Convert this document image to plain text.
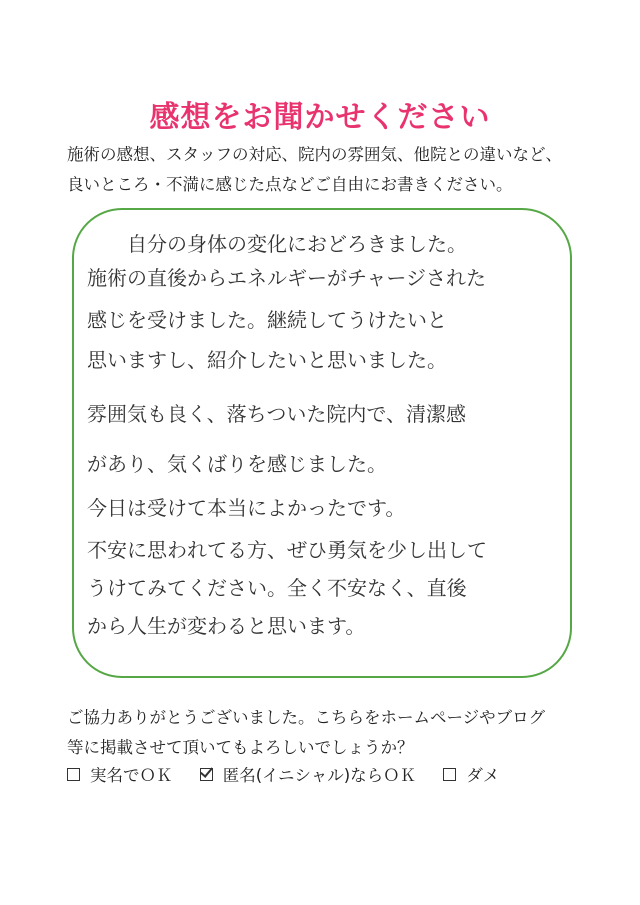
感想をお聞かせください
施術の感想、スタッフの対応、院内の雰囲気、他院との違いなど、
良いところ・不満に感じた点などご自由にお書きください。
自分の身体の変化におどろきました。
施術の直後からエネルギーがチャージされた
感じを受けました。継続してうけたいと
思いますし、紹介したいと思いました。
雰囲気も良く、落ちついた院内で、清潔感
があり、気くばりを感じました。
今日は受けて本当によかったです。
不安に思われてる方、ぜひ勇気を少し出して
うけてみてください。全く不安なく、直後
から人生が変わると思います。
ご協力ありがとうございました。こちらをホームページやブログ
等に掲載させて頂いてもよろしいでしょうか？
実名でＯＫ	匿名(イニシャル)ならＯＫ	ダメ
